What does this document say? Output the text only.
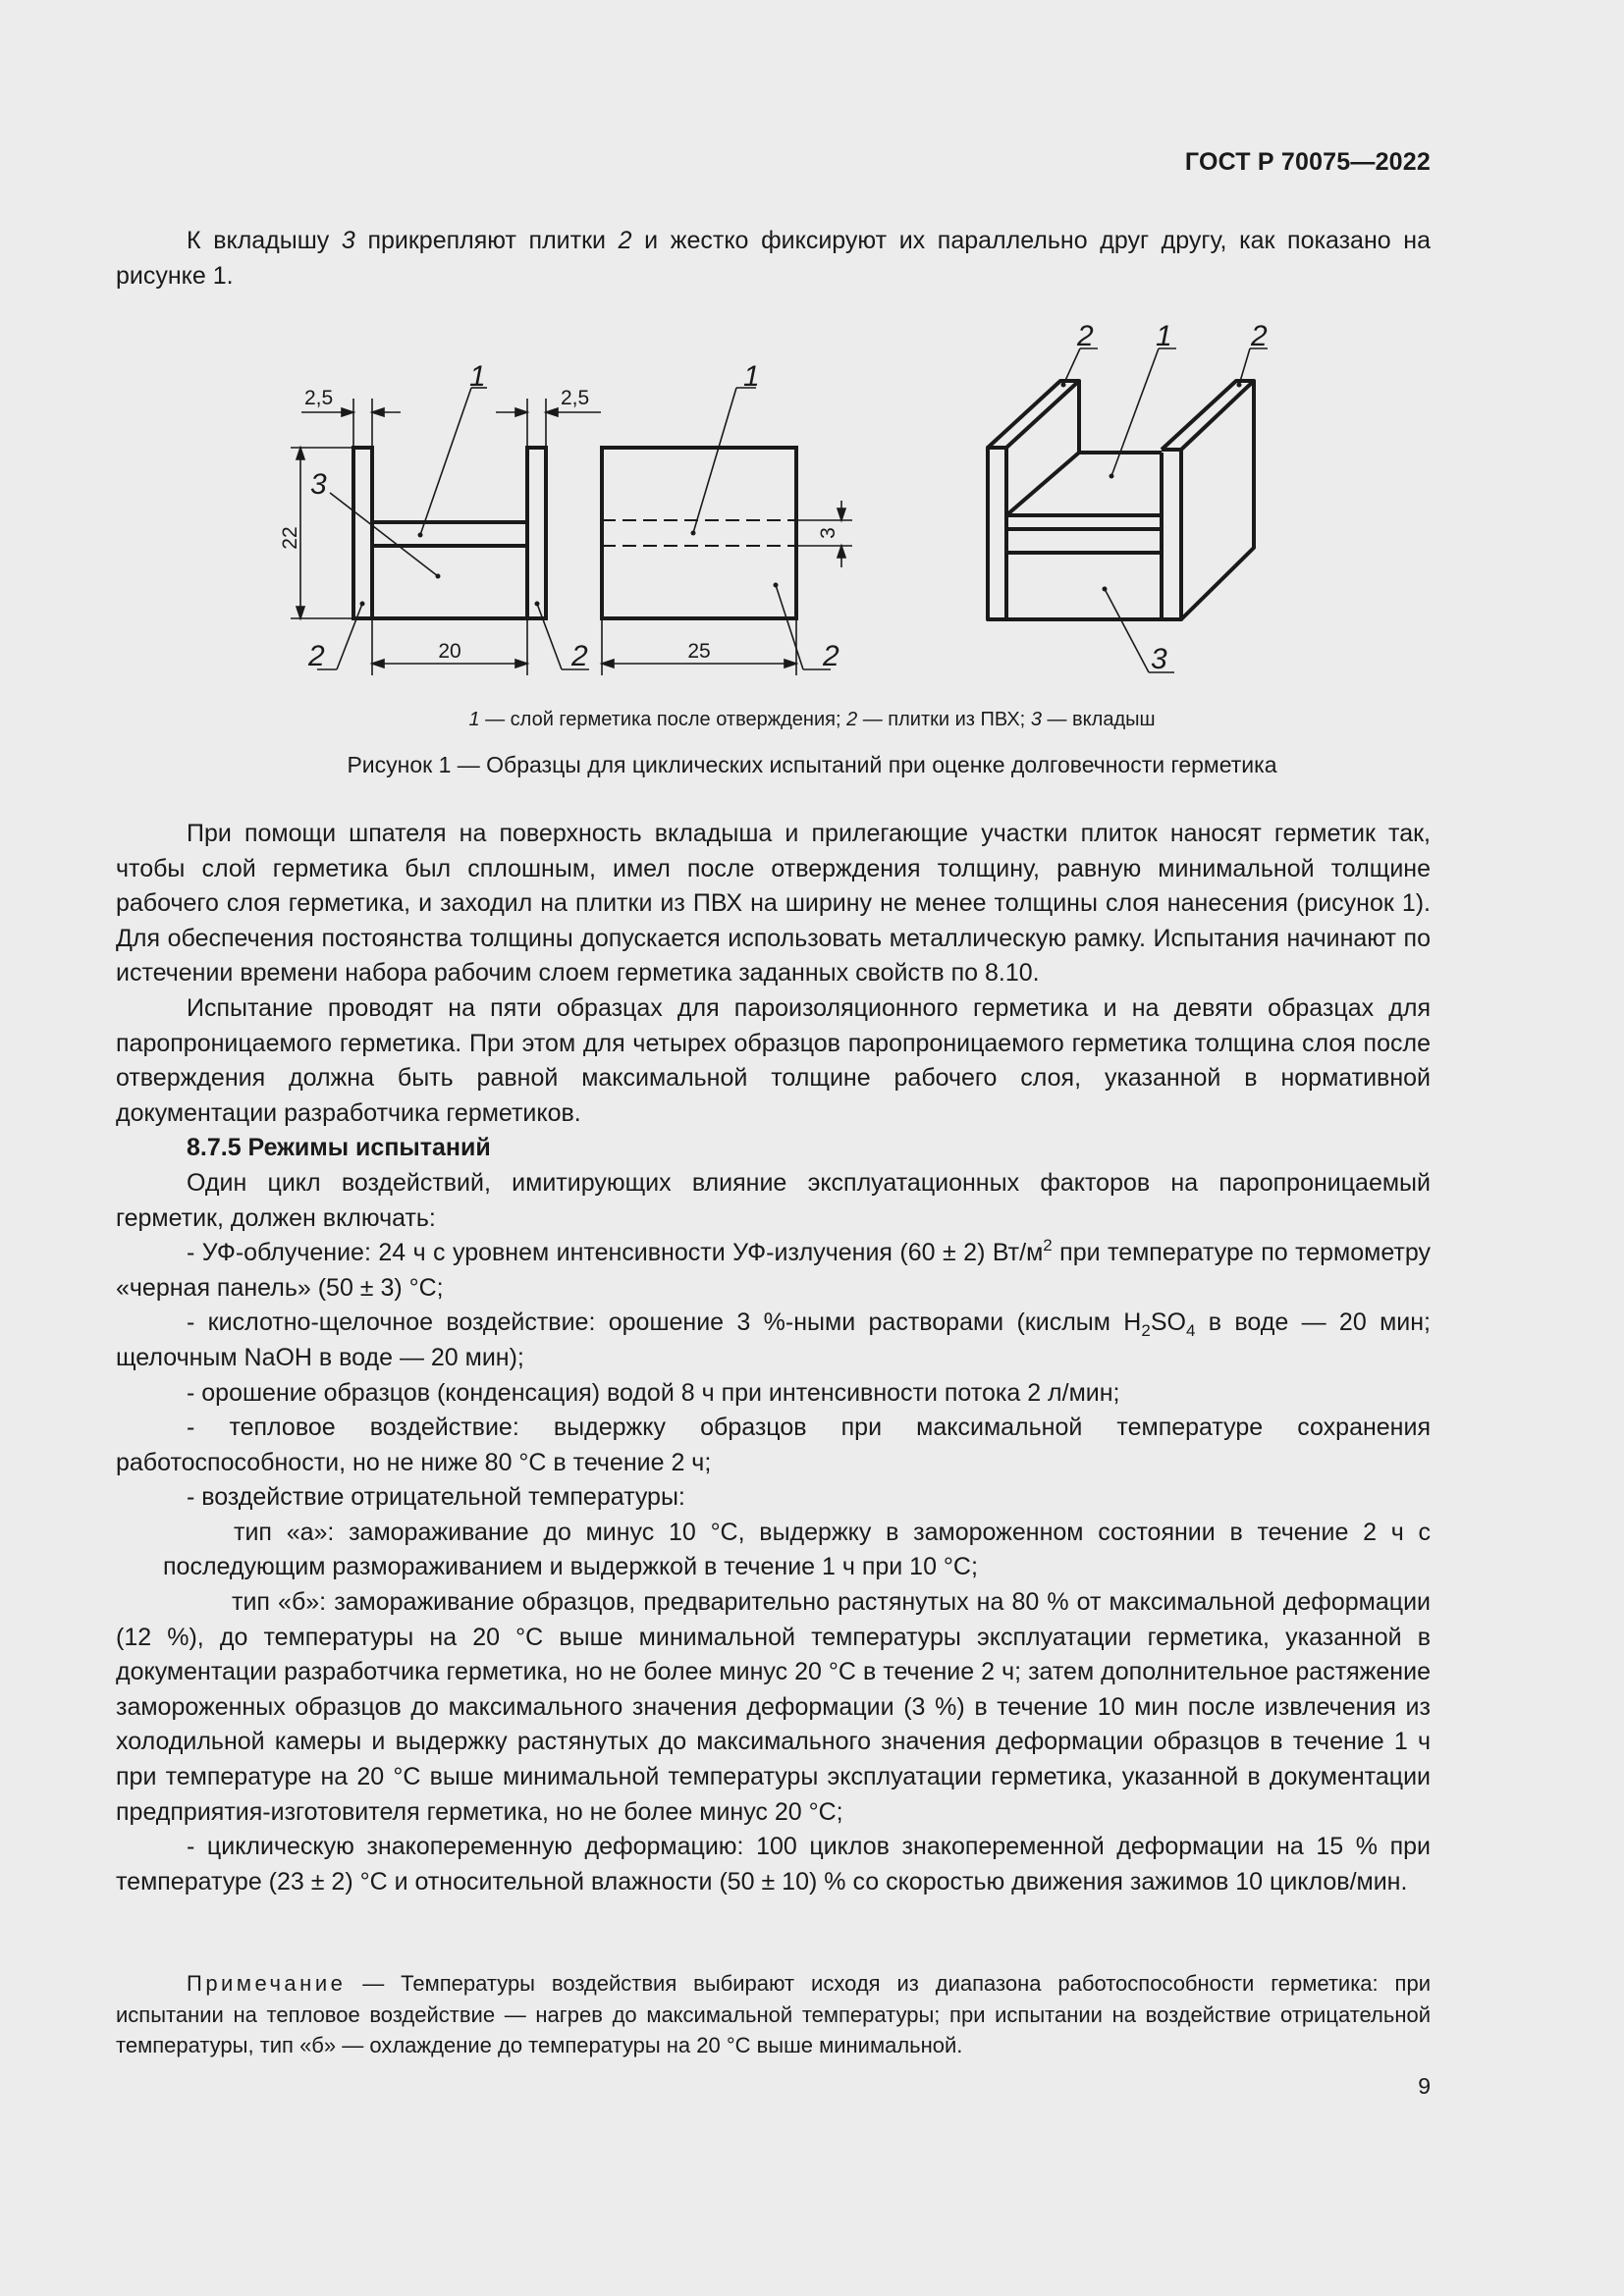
ГОСТ Р 70075—2022

К вкладышу 3 прикрепляют плитки 2 и жестко фиксируют их параллельно друг другу, как показано на рисунке 1.

2,5	2,5
22
20	25
3
1
3
2	2
1
2
2 1	2
3
1 — слой герметика после отверждения; 2 — плитки из ПВХ; 3 — вкладыш
Рисунок 1 — Образцы для циклических испытаний при оценке долговечности герметика

При помощи шпателя на поверхность вкладыша и прилегающие участки плиток наносят герметик так, чтобы слой герметика был сплошным, имел после отверждения толщину, равную минимальной толщине рабочего слоя герметика, и заходил на плитки из ПВХ на ширину не менее толщины слоя нанесения (рисунок 1). Для обеспечения постоянства толщины допускается использовать металлическую рамку. Испытания начинают по истечении времени набора рабочим слоем герметика заданных свойств по 8.10.

Испытание проводят на пяти образцах для пароизоляционного герметика и на девяти образцах для паропроницаемого герметика. При этом для четырех образцов паропроницаемого герметика толщина слоя после отверждения должна быть равной максимальной толщине рабочего слоя, указанной в нормативной документации разработчика герметиков.

8.7.5 Режимы испытаний

Один цикл воздействий, имитирующих влияние эксплуатационных факторов на паропроницаемый герметик, должен включать:

- УФ-облучение: 24 ч с уровнем интенсивности УФ-излучения (60 ± 2) $Вт/м^2$ при температуре по термометру «черная панель» (50 ± 3) °С;

- кислотно-щелочное воздействие: орошение 3 %-ными растворами (кислым $H_2SO_4$ в воде — 20 мин; щелочным NaOH в воде — 20 мин);

- орошение образцов (конденсация) водой 8 ч при интенсивности потока 2 л/мин;

- тепловое воздействие: выдержку образцов при максимальной температуре сохранения работоспособности, но не ниже 80 °С в течение 2 ч;

- воздействие отрицательной температуры:

тип «а»: замораживание до минус 10 °С, выдержку в замороженном состоянии в течение 2 ч с последующим размораживанием и выдержкой в течение 1 ч при 10 °С;

тип «б»: замораживание образцов, предварительно растянутых на 80 % от максимальной деформации (12 %), до температуры на 20 °С выше минимальной температуры эксплуатации герметика, указанной в документации разработчика герметика, но не более минус 20 °С в течение 2 ч; затем дополнительное растяжение замороженных образцов до максимального значения деформации (3 %) в течение 10 мин после извлечения из холодильной камеры и выдержку растянутых до максимального значения деформации образцов в течение 1 ч при температуре на 20 °С выше минимальной температуры эксплуатации герметика, указанной в документации предприятия-изготовителя герметика, но не более минус 20 °С;

- циклическую знакопеременную деформацию: 100 циклов знакопеременной деформации на 15 % при температуре (23 ± 2) °С и относительной влажности (50 ± 10) % со скоростью движения зажимов 10 циклов/мин.

Примечание — Температуры воздействия выбирают исходя из диапазона работоспособности герметика: при испытании на тепловое воздействие — нагрев до максимальной температуры; при испытании на воздействие отрицательной температуры, тип «б» — охлаждение до температуры на 20 °С выше минимальной.

9
